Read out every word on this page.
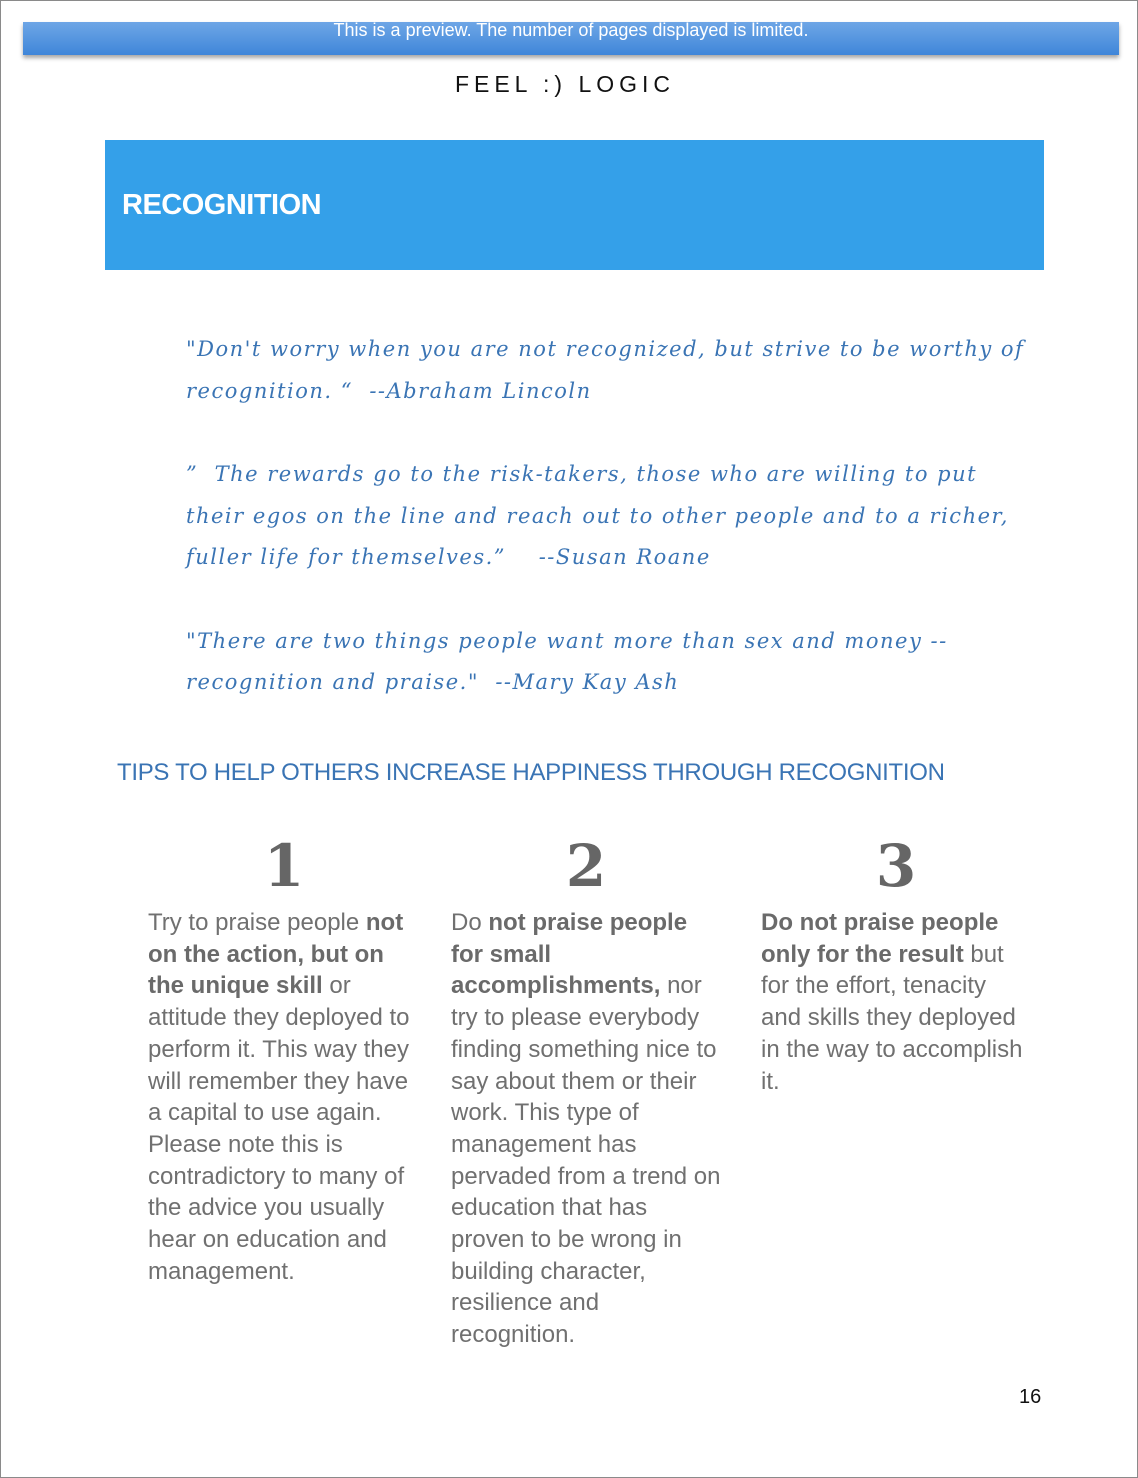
This is a preview. The number of pages displayed is limited.
FEEL :) LOGIC
RECOGNITION

"Don't worry when you are not recognized, but strive to be worthy of recognition. “  --Abraham Lincoln

”  The rewards go to the risk-takers, those who are willing to put their egos on the line and reach out to other people and to a richer, fuller life for themselves.”    --Susan Roane

"There are two things people want more than sex and money -- recognition and praise."  --Mary Kay Ash

TIPS TO HELP OTHERS INCREASE HAPPINESS THROUGH RECOGNITION
1
Try to praise people not on the action, but on the unique skill or attitude they deployed to perform it. This way they will remember they have a capital to use again. Please note this is contradictory to many of the advice you usually hear on education and management.
2
Do not praise people for small accomplishments, nor try to please everybody finding something nice to say about them or their work. This type of management has pervaded from a trend on education that has proven to be wrong in building character, resilience and recognition.
3
Do not praise people only for the result but for the effort, tenacity and skills they deployed in the way to accomplish it.
16
